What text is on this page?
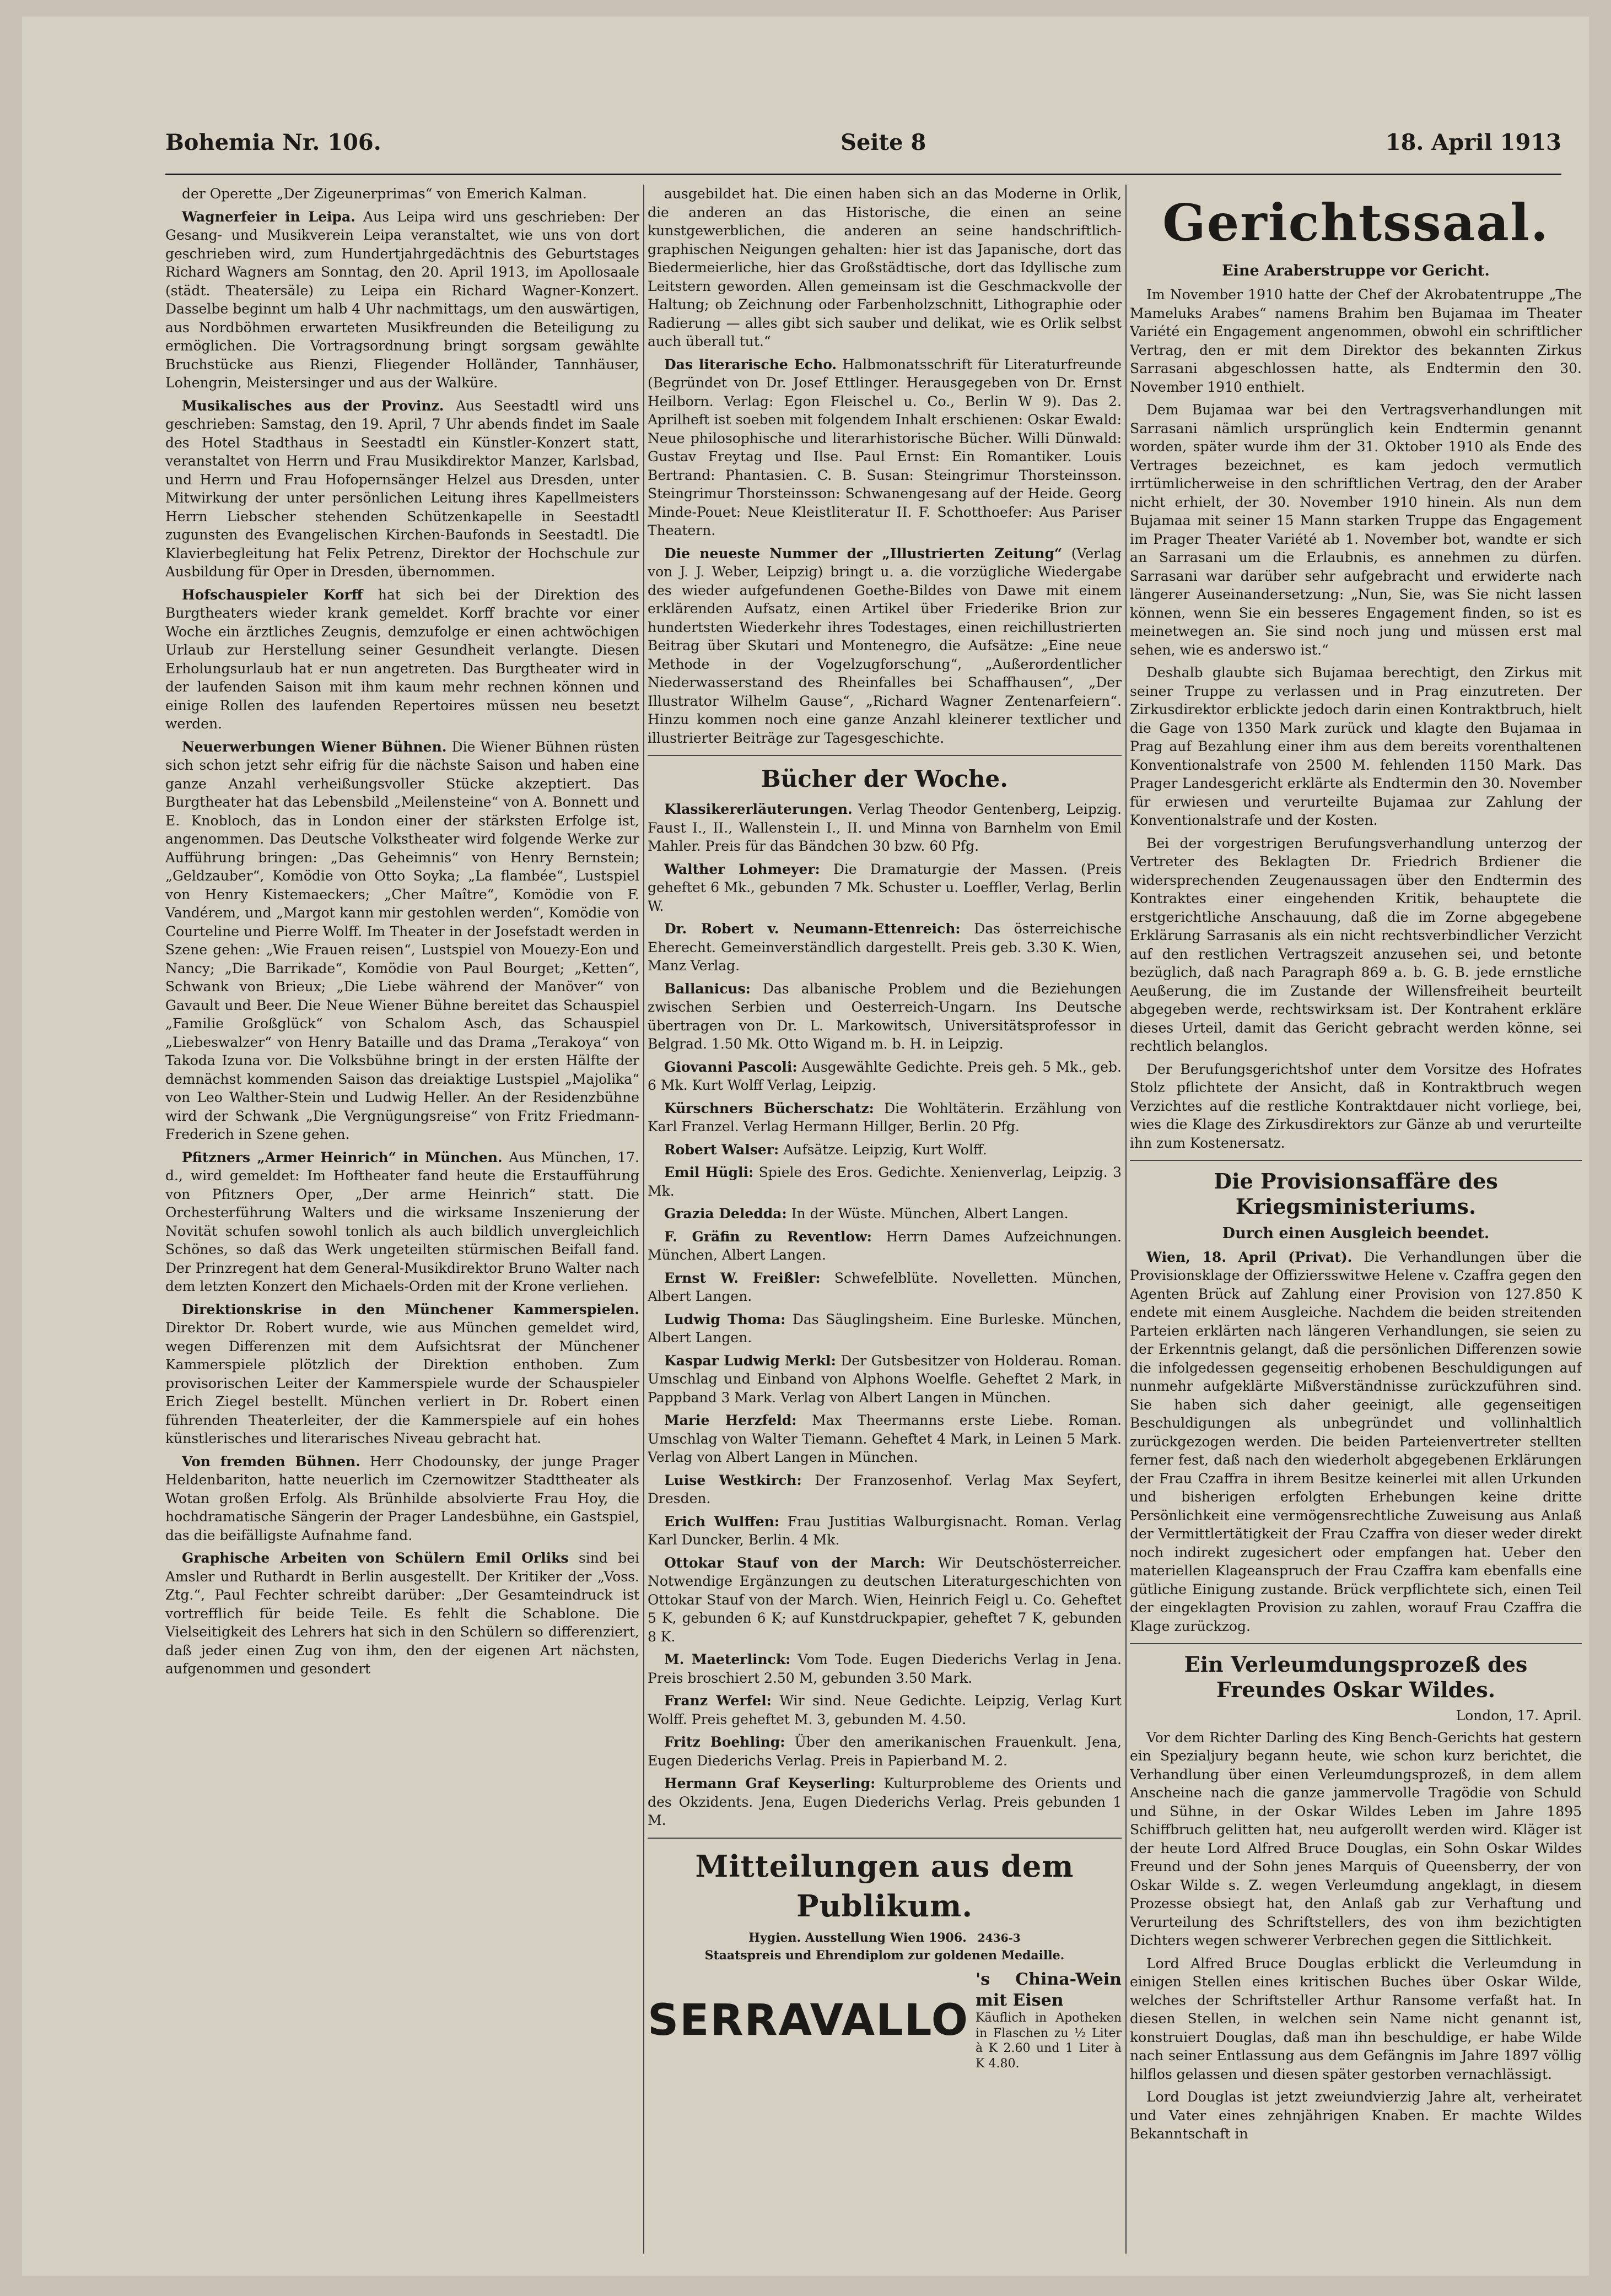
Bohemia Nr. 106.	Seite 8	18. April 1913

der Operette „Der Zigeunerprimas“ von Emerich Kalman.

Wagnerfeier in Leipa. Aus Leipa wird uns geschrieben: Der Gesang- und Musikverein Leipa veranstaltet, wie uns von dort geschrieben wird, zum Hundertjahrgedächtnis des Geburtstages Richard Wagners am Sonntag, den 20. April 1913, im Apollosaale (städt. Theatersäle) zu Leipa ein Richard Wagner-Konzert. Dasselbe beginnt um halb 4 Uhr nachmittags, um den auswärtigen, aus Nordböhmen erwarteten Musikfreunden die Beteiligung zu ermöglichen. Die Vortragsordnung bringt sorgsam gewählte Bruchstücke aus Rienzi, Fliegender Holländer, Tannhäuser, Lohengrin, Meistersinger und aus der Walküre.

Musikalisches aus der Provinz. Aus Seestadtl wird uns geschrieben: Samstag, den 19. April, 7 Uhr abends findet im Saale des Hotel Stadthaus in Seestadtl ein Künstler-Konzert statt, veranstaltet von Herrn und Frau Musikdirektor Manzer, Karlsbad, und Herrn und Frau Hofopernsänger Helzel aus Dresden, unter Mitwirkung der unter persönlichen Leitung ihres Kapellmeisters Herrn Liebscher stehenden Schützenkapelle in Seestadtl zugunsten des Evangelischen Kirchen-Baufonds in Seestadtl. Die Klavierbegleitung hat Felix Petrenz, Direktor der Hochschule zur Ausbildung für Oper in Dresden, übernommen.

Hofschauspieler Korff hat sich bei der Direktion des Burgtheaters wieder krank gemeldet. Korff brachte vor einer Woche ein ärztliches Zeugnis, demzufolge er einen achtwöchigen Urlaub zur Herstellung seiner Gesundheit verlangte. Diesen Erholungsurlaub hat er nun angetreten. Das Burgtheater wird in der laufenden Saison mit ihm kaum mehr rechnen können und einige Rollen des laufenden Repertoires müssen neu besetzt werden.

Neuerwerbungen Wiener Bühnen. Die Wiener Bühnen rüsten sich schon jetzt sehr eifrig für die nächste Saison und haben eine ganze Anzahl verheißungsvoller Stücke akzeptiert. Das Burgtheater hat das Lebensbild „Meilensteine“ von A. Bonnett und E. Knobloch, das in London einer der stärksten Erfolge ist, angenommen. Das Deutsche Volkstheater wird folgende Werke zur Aufführung bringen: „Das Geheimnis“ von Henry Bernstein; „Geldzauber“, Komödie von Otto Soyka; „La flambée“, Lustspiel von Henry Kistemaeckers; „Cher Maître“, Komödie von F. Vandérem, und „Margot kann mir gestohlen werden“, Komödie von Courteline und Pierre Wolff. Im Theater in der Josefstadt werden in Szene gehen: „Wie Frauen reisen“, Lustspiel von Mouezy-Eon und Nancy; „Die Barrikade“, Komödie von Paul Bourget; „Ketten“, Schwank von Brieux; „Die Liebe während der Manöver“ von Gavault und Beer. Die Neue Wiener Bühne bereitet das Schauspiel „Familie Großglück“ von Schalom Asch, das Schauspiel „Liebeswalzer“ von Henry Bataille und das Drama „Terakoya“ von Takoda Izuna vor. Die Volksbühne bringt in der ersten Hälfte der demnächst kommenden Saison das dreiaktige Lustspiel „Majolika“ von Leo Walther-Stein und Ludwig Heller. An der Residenzbühne wird der Schwank „Die Vergnügungsreise“ von Fritz Friedmann-Frederich in Szene gehen.

Pfitzners „Armer Heinrich“ in München. Aus München, 17. d., wird gemeldet: Im Hoftheater fand heute die Erstaufführung von Pfitzners Oper, „Der arme Heinrich“ statt. Die Orchesterführung Walters und die wirksame Inszenierung der Novität schufen sowohl tonlich als auch bildlich unvergleichlich Schönes, so daß das Werk ungeteilten stürmischen Beifall fand. Der Prinzregent hat dem General-Musikdirektor Bruno Walter nach dem letzten Konzert den Michaels-Orden mit der Krone verliehen.

Direktionskrise in den Münchener Kammerspielen. Direktor Dr. Robert wurde, wie aus München gemeldet wird, wegen Differenzen mit dem Aufsichtsrat der Münchener Kammerspiele plötzlich der Direktion enthoben. Zum provisorischen Leiter der Kammerspiele wurde der Schauspieler Erich Ziegel bestellt. München verliert in Dr. Robert einen führenden Theaterleiter, der die Kammerspiele auf ein hohes künstlerisches und literarisches Niveau gebracht hat.

Von fremden Bühnen. Herr Chodounsky, der junge Prager Heldenbariton, hatte neuerlich im Czernowitzer Stadttheater als Wotan großen Erfolg. Als Brünhilde absolvierte Frau Hoy, die hochdramatische Sängerin der Prager Landesbühne, ein Gastspiel, das die beifälligste Aufnahme fand.

Graphische Arbeiten von Schülern Emil Orliks sind bei Amsler und Ruthardt in Berlin ausgestellt. Der Kritiker der „Voss. Ztg.“, Paul Fechter schreibt darüber: „Der Gesamteindruck ist vortrefflich für beide Teile. Es fehlt die Schablone. Die Vielseitigkeit des Lehrers hat sich in den Schülern so differenziert, daß jeder einen Zug von ihm, den der eigenen Art nächsten, aufgenommen und gesondert

ausgebildet hat. Die einen haben sich an das Moderne in Orlik, die anderen an das Historische, die einen an seine kunstgewerblichen, die anderen an seine handschriftlich-graphischen Neigungen gehalten: hier ist das Japanische, dort das Biedermeierliche, hier das Großstädtische, dort das Idyllische zum Leitstern geworden. Allen gemeinsam ist die Geschmackvolle der Haltung; ob Zeichnung oder Farbenholzschnitt, Lithographie oder Radierung — alles gibt sich sauber und delikat, wie es Orlik selbst auch überall tut.“

Das literarische Echo. Halbmonatsschrift für Literaturfreunde (Begründet von Dr. Josef Ettlinger. Herausgegeben von Dr. Ernst Heilborn. Verlag: Egon Fleischel u. Co., Berlin W 9). Das 2. Aprilheft ist soeben mit folgendem Inhalt erschienen: Oskar Ewald: Neue philosophische und literarhistorische Bücher. Willi Dünwald: Gustav Freytag und Ilse. Paul Ernst: Ein Romantiker. Louis Bertrand: Phantasien. C. B. Susan: Steingrimur Thorsteinsson. Steingrimur Thorsteinsson: Schwanengesang auf der Heide. Georg Minde-Pouet: Neue Kleistliteratur II. F. Schotthoefer: Aus Pariser Theatern.

Die neueste Nummer der „Illustrierten Zeitung“ (Verlag von J. J. Weber, Leipzig) bringt u. a. die vorzügliche Wiedergabe des wieder aufgefundenen Goethe-Bildes von Dawe mit einem erklärenden Aufsatz, einen Artikel über Friederike Brion zur hundertsten Wiederkehr ihres Todestages, einen reichillustrierten Beitrag über Skutari und Montenegro, die Aufsätze: „Eine neue Methode in der Vogelzugforschung“, „Außerordentlicher Niederwasserstand des Rheinfalles bei Schaffhausen“, „Der Illustrator Wilhelm Gause“, „Richard Wagner Zentenarfeiern“. Hinzu kommen noch eine ganze Anzahl kleinerer textlicher und illustrierter Beiträge zur Tagesgeschichte.

Bücher der Woche.

Klassikererläuterungen. Verlag Theodor Gentenberg, Leipzig. Faust I., II., Wallenstein I., II. und Minna von Barnhelm von Emil Mahler. Preis für das Bändchen 30 bzw. 60 Pfg.

Walther Lohmeyer: Die Dramaturgie der Massen. (Preis geheftet 6 Mk., gebunden 7 Mk. Schuster u. Loeffler, Verlag, Berlin W.

Dr. Robert v. Neumann-Ettenreich: Das österreichische Eherecht. Gemeinverständlich dargestellt. Preis geb. 3.30 K. Wien, Manz Verlag.

Ballanicus: Das albanische Problem und die Beziehungen zwischen Serbien und Oesterreich-Ungarn. Ins Deutsche übertragen von Dr. L. Markowitsch, Universitätsprofessor in Belgrad. 1.50 Mk. Otto Wigand m. b. H. in Leipzig.

Giovanni Pascoli: Ausgewählte Gedichte. Preis geh. 5 Mk., geb. 6 Mk. Kurt Wolff Verlag, Leipzig.

Kürschners Bücherschatz: Die Wohltäterin. Erzählung von Karl Franzel. Verlag Hermann Hillger, Berlin. 20 Pfg.

Robert Walser: Aufsätze. Leipzig, Kurt Wolff.

Emil Hügli: Spiele des Eros. Gedichte. Xenienverlag, Leipzig. 3 Mk.

Grazia Deledda: In der Wüste. München, Albert Langen.

F. Gräfin zu Reventlow: Herrn Dames Aufzeichnungen. München, Albert Langen.

Ernst W. Freißler: Schwefelblüte. Novelletten. München, Albert Langen.

Ludwig Thoma: Das Säuglingsheim. Eine Burleske. München, Albert Langen.

Kaspar Ludwig Merkl: Der Gutsbesitzer von Holderau. Roman. Umschlag und Einband von Alphons Woelfle. Geheftet 2 Mark, in Pappband 3 Mark. Verlag von Albert Langen in München.

Marie Herzfeld: Max Theermanns erste Liebe. Roman. Umschlag von Walter Tiemann. Geheftet 4 Mark, in Leinen 5 Mark. Verlag von Albert Langen in München.

Luise Westkirch: Der Franzosenhof. Verlag Max Seyfert, Dresden.

Erich Wulffen: Frau Justitias Walburgisnacht. Roman. Verlag Karl Duncker, Berlin. 4 Mk.

Ottokar Stauf von der March: Wir Deutschösterreicher. Notwendige Ergänzungen zu deutschen Literaturgeschichten von Ottokar Stauf von der March. Wien, Heinrich Feigl u. Co. Geheftet 5 K, gebunden 6 K; auf Kunstdruckpapier, geheftet 7 K, gebunden 8 K.

M. Maeterlinck: Vom Tode. Eugen Diederichs Verlag in Jena. Preis broschiert 2.50 M, gebunden 3.50 Mark.

Franz Werfel: Wir sind. Neue Gedichte. Leipzig, Verlag Kurt Wolff. Preis geheftet M. 3, gebunden M. 4.50.

Fritz Boehling: Über den amerikanischen Frauenkult. Jena, Eugen Diederichs Verlag. Preis in Papierband M. 2.

Hermann Graf Keyserling: Kulturprobleme des Orients und des Okzidents. Jena, Eugen Diederichs Verlag. Preis gebunden 1 M.

Mitteilungen aus dem Publikum.
Hygien. Ausstellung Wien 1906. 2436-3
Staatspreis und Ehrendiplom zur goldenen Medaille.
SERRAVALLO
's China-Wein mit Eisen
Käuflich in Apotheken in Flaschen zu ½ Liter à K 2.60 und 1 Liter à K 4.80.
Gerichtssaal.
Eine Araberstruppe vor Gericht.

Im November 1910 hatte der Chef der Akrobatentruppe „The Mameluks Arabes“ namens Brahim ben Bujamaa im Theater Variété ein Engagement angenommen, obwohl ein schriftlicher Vertrag, den er mit dem Direktor des bekannten Zirkus Sarrasani abgeschlossen hatte, als Endtermin den 30. November 1910 enthielt.

Dem Bujamaa war bei den Vertragsverhandlungen mit Sarrasani nämlich ursprünglich kein Endtermin genannt worden, später wurde ihm der 31. Oktober 1910 als Ende des Vertrages bezeichnet, es kam jedoch vermutlich irrtümlicherweise in den schriftlichen Vertrag, den der Araber nicht erhielt, der 30. November 1910 hinein. Als nun dem Bujamaa mit seiner 15 Mann starken Truppe das Engagement im Prager Theater Variété ab 1. November bot, wandte er sich an Sarrasani um die Erlaubnis, es annehmen zu dürfen. Sarrasani war darüber sehr aufgebracht und erwiderte nach längerer Auseinandersetzung: „Nun, Sie, was Sie nicht lassen können, wenn Sie ein besseres Engagement finden, so ist es meinetwegen an. Sie sind noch jung und müssen erst mal sehen, wie es anderswo ist.“

Deshalb glaubte sich Bujamaa berechtigt, den Zirkus mit seiner Truppe zu verlassen und in Prag einzutreten. Der Zirkusdirektor erblickte jedoch darin einen Kontraktbruch, hielt die Gage von 1350 Mark zurück und klagte den Bujamaa in Prag auf Bezahlung einer ihm aus dem bereits vorenthaltenen Konventionalstrafe von 2500 M. fehlenden 1150 Mark. Das Prager Landesgericht erklärte als Endtermin den 30. November für erwiesen und verurteilte Bujamaa zur Zahlung der Konventionalstrafe und der Kosten.

Bei der vorgestrigen Berufungsverhandlung unterzog der Vertreter des Beklagten Dr. Friedrich Brdiener die widersprechenden Zeugenaussagen über den Endtermin des Kontraktes einer eingehenden Kritik, behauptete die erstgerichtliche Anschauung, daß die im Zorne abgegebene Erklärung Sarrasanis als ein nicht rechtsverbindlicher Verzicht auf den restlichen Vertragszeit anzusehen sei, und betonte bezüglich, daß nach Paragraph 869 a. b. G. B. jede ernstliche Aeußerung, die im Zustande der Willensfreiheit beurteilt abgegeben werde, rechtswirksam ist. Der Kontrahent erkläre dieses Urteil, damit das Gericht gebracht werden könne, sei rechtlich belanglos.

Der Berufungsgerichtshof unter dem Vorsitze des Hofrates Stolz pflichtete der Ansicht, daß in Kontraktbruch wegen Verzichtes auf die restliche Kontraktdauer nicht vorliege, bei, wies die Klage des Zirkusdirektors zur Gänze ab und verurteilte ihn zum Kostenersatz.

Die Provisionsaffäre des Kriegsministeriums.
Durch einen Ausgleich beendet.

Wien, 18. April (Privat). Die Verhandlungen über die Provisionsklage der Offiziersswitwe Helene v. Czaffra gegen den Agenten Brück auf Zahlung einer Provision von 127.850 K endete mit einem Ausgleiche. Nachdem die beiden streitenden Parteien erklärten nach längeren Verhandlungen, sie seien zu der Erkenntnis gelangt, daß die persönlichen Differenzen sowie die infolgedessen gegenseitig erhobenen Beschuldigungen auf nunmehr aufgeklärte Mißverständnisse zurückzuführen sind. Sie haben sich daher geeinigt, alle gegenseitigen Beschuldigungen als unbegründet und vollinhaltlich zurückgezogen werden. Die beiden Parteienvertreter stellten ferner fest, daß nach den wiederholt abgegebenen Erklärungen der Frau Czaffra in ihrem Besitze keinerlei mit allen Urkunden und bisherigen erfolgten Erhebungen keine dritte Persönlichkeit eine vermögensrechtliche Zuweisung aus Anlaß der Vermittlertätigkeit der Frau Czaffra von dieser weder direkt noch indirekt zugesichert oder empfangen hat. Ueber den materiellen Klageanspruch der Frau Czaffra kam ebenfalls eine gütliche Einigung zustande. Brück verpflichtete sich, einen Teil der eingeklagten Provision zu zahlen, worauf Frau Czaffra die Klage zurückzog.

Ein Verleumdungsprozeß des Freundes Oskar Wildes.
London, 17. April.

Vor dem Richter Darling des King Bench-Gerichts hat gestern ein Spezialjury begann heute, wie schon kurz berichtet, die Verhandlung über einen Verleumdungsprozeß, in dem allem Anscheine nach die ganze jammervolle Tragödie von Schuld und Sühne, in der Oskar Wildes Leben im Jahre 1895 Schiffbruch gelitten hat, neu aufgerollt werden wird. Kläger ist der heute Lord Alfred Bruce Douglas, ein Sohn Oskar Wildes Freund und der Sohn jenes Marquis of Queensberry, der von Oskar Wilde s. Z. wegen Verleumdung angeklagt, in diesem Prozesse obsiegt hat, den Anlaß gab zur Verhaftung und Verurteilung des Schriftstellers, des von ihm bezichtigten Dichters wegen schwerer Verbrechen gegen die Sittlichkeit.

Lord Alfred Bruce Douglas erblickt die Verleumdung in einigen Stellen eines kritischen Buches über Oskar Wilde, welches der Schriftsteller Arthur Ransome verfaßt hat. In diesen Stellen, in welchen sein Name nicht genannt ist, konstruiert Douglas, daß man ihn beschuldige, er habe Wilde nach seiner Entlassung aus dem Gefängnis im Jahre 1897 völlig hilflos gelassen und diesen später gestorben vernachlässigt.

Lord Douglas ist jetzt zweiundvierzig Jahre alt, verheiratet und Vater eines zehnjährigen Knaben. Er machte Wildes Bekanntschaft in
